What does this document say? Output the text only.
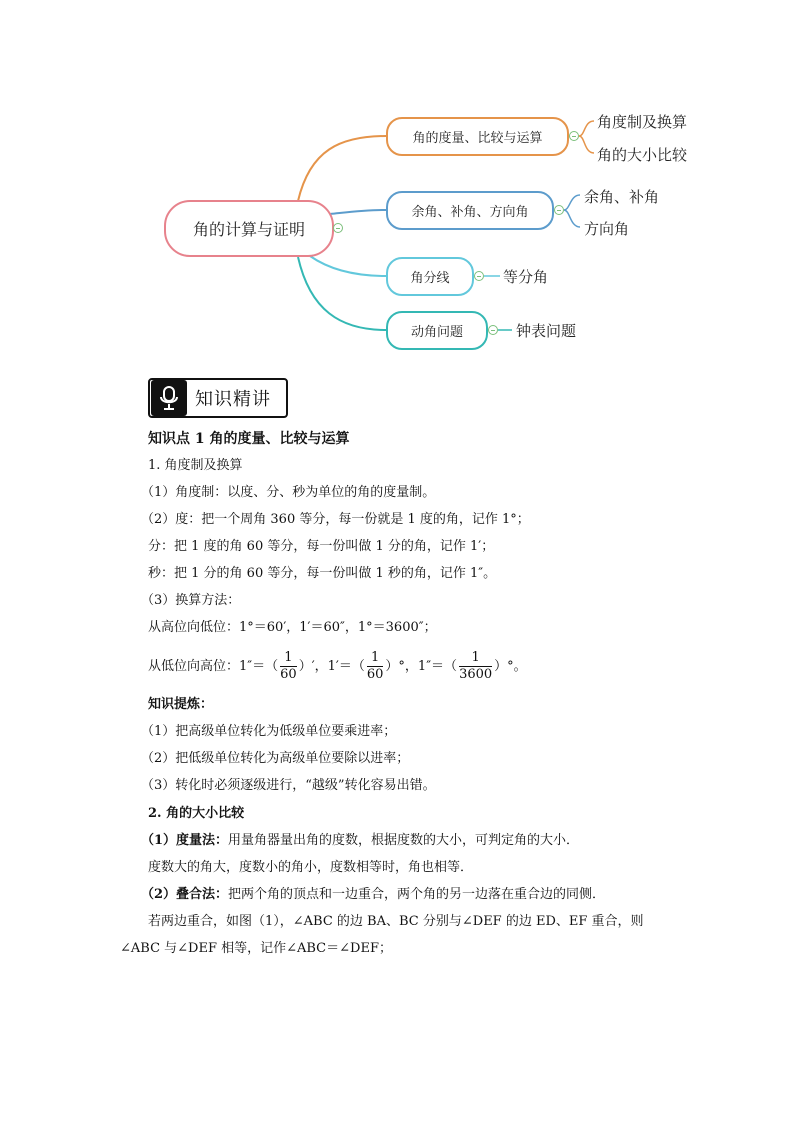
角的计算与证明
角的度量、比较与运算
角度制及换算
角的大小比较
余角、补角、方向角
余角、补角
方向角
角分线	等分角
动角问题	钟表问题
知识精讲
知识点 1 角的度量、比较与运算
1. 角度制及换算
（1）角度制：以度、分、秒为单位的角的度量制。
（2）度：把一个周角 360 等分，每一份就是 1 度的角，记作 1°；
分：把 1 度的角 60 等分，每一份叫做 1 分的角，记作 1′；
秒：把 1 分的角 60 等分，每一份叫做 1 秒的角，记作 1″。
（3）换算方法：
从高位向低位：1°＝60′，1′＝60″，1°＝3600″；
从低位向高位：$1''=( \frac{1}{60}$ ）′，$1'=( \frac{1}{60}$ ）°，$1''=( \frac{1}{3600}$ ）°。
知识提炼：
（1）把高级单位转化为低级单位要乘进率；
（2）把低级单位转化为高级单位要除以进率；
（3）转化时必须逐级进行，“越级”转化容易出错。
2. 角的大小比较
（1）度量法：用量角器量出角的度数，根据度数的大小，可判定角的大小．
度数大的角大，度数小的角小，度数相等时，角也相等．
（2）叠合法：把两个角的顶点和一边重合，两个角的另一边落在重合边的同侧．
若两边重合，如图（1），∠ABC 的边 BA、BC 分别与∠DEF 的边 ED、EF 重合，则
∠ABC 与∠DEF 相等，记作∠ABC＝∠DEF；
